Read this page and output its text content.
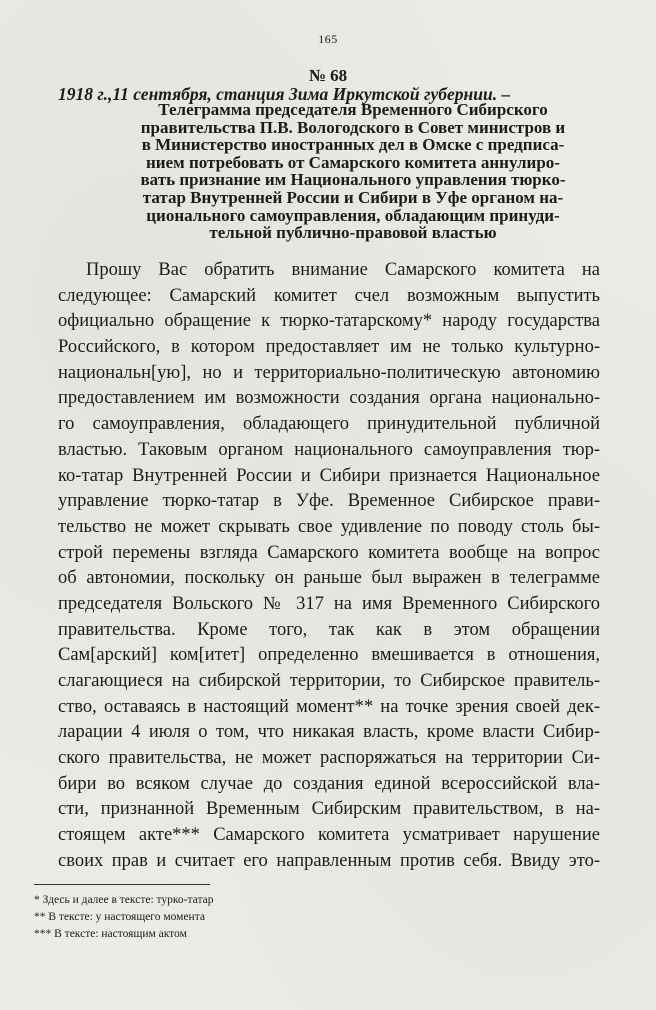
165
№ 68
1918 г.,11 сентября, станция Зима Иркутской губернии. –
Телеграмма председателя Временного Сибирского
правительства П.В. Вологодского в Совет министров и
в Министерство иностранных дел в Омске с предписа-
нием потребовать от Самарского комитета аннулиро-
вать признание им Национального управления тюрко-
татар Внутренней России и Сибири в Уфе органом на-
ционального самоуправления, обладающим принуди-
тельной публично-правовой властью
Прошу Вас обратить внимание Самарского комитета на
следующее: Самарский комитет счел возможным выпустить
официально обращение к тюрко-татарскому* народу государства
Российского, в котором предоставляет им не только культурно-
национальн[ую], но и территориально-политическую автономию
предоставлением им возможности создания органа национально-
го самоуправления, обладающего принудительной публичной
властью. Таковым органом национального самоуправления тюр-
ко-татар Внутренней России и Сибири признается Национальное
управление тюрко-татар в Уфе. Временное Сибирское прави-
тельство не может скрывать свое удивление по поводу столь бы-
строй перемены взгляда Самарского комитета вообще на вопрос
об автономии, поскольку он раньше был выражен в телеграмме
председателя Вольского № 317 на имя Временного Сибирского
правительства. Кроме того, так как в этом обращении
Сам[арский] ком[итет] определенно вмешивается в отношения,
слагающиеся на сибирской территории, то Сибирское правитель-
ство, оставаясь в настоящий момент** на точке зрения своей дек-
ларации 4 июля о том, что никакая власть, кроме власти Сибир-
ского правительства, не может распоряжаться на территории Си-
бири во всяком случае до создания единой всероссийской вла-
сти, признанной Временным Сибирским правительством, в на-
стоящем акте*** Самарского комитета усматривает нарушение
своих прав и считает его направленным против себя. Ввиду это-
* Здесь и далее в тексте: турко-татар
** В тексте: у настоящего момента
*** В тексте: настоящим актом
